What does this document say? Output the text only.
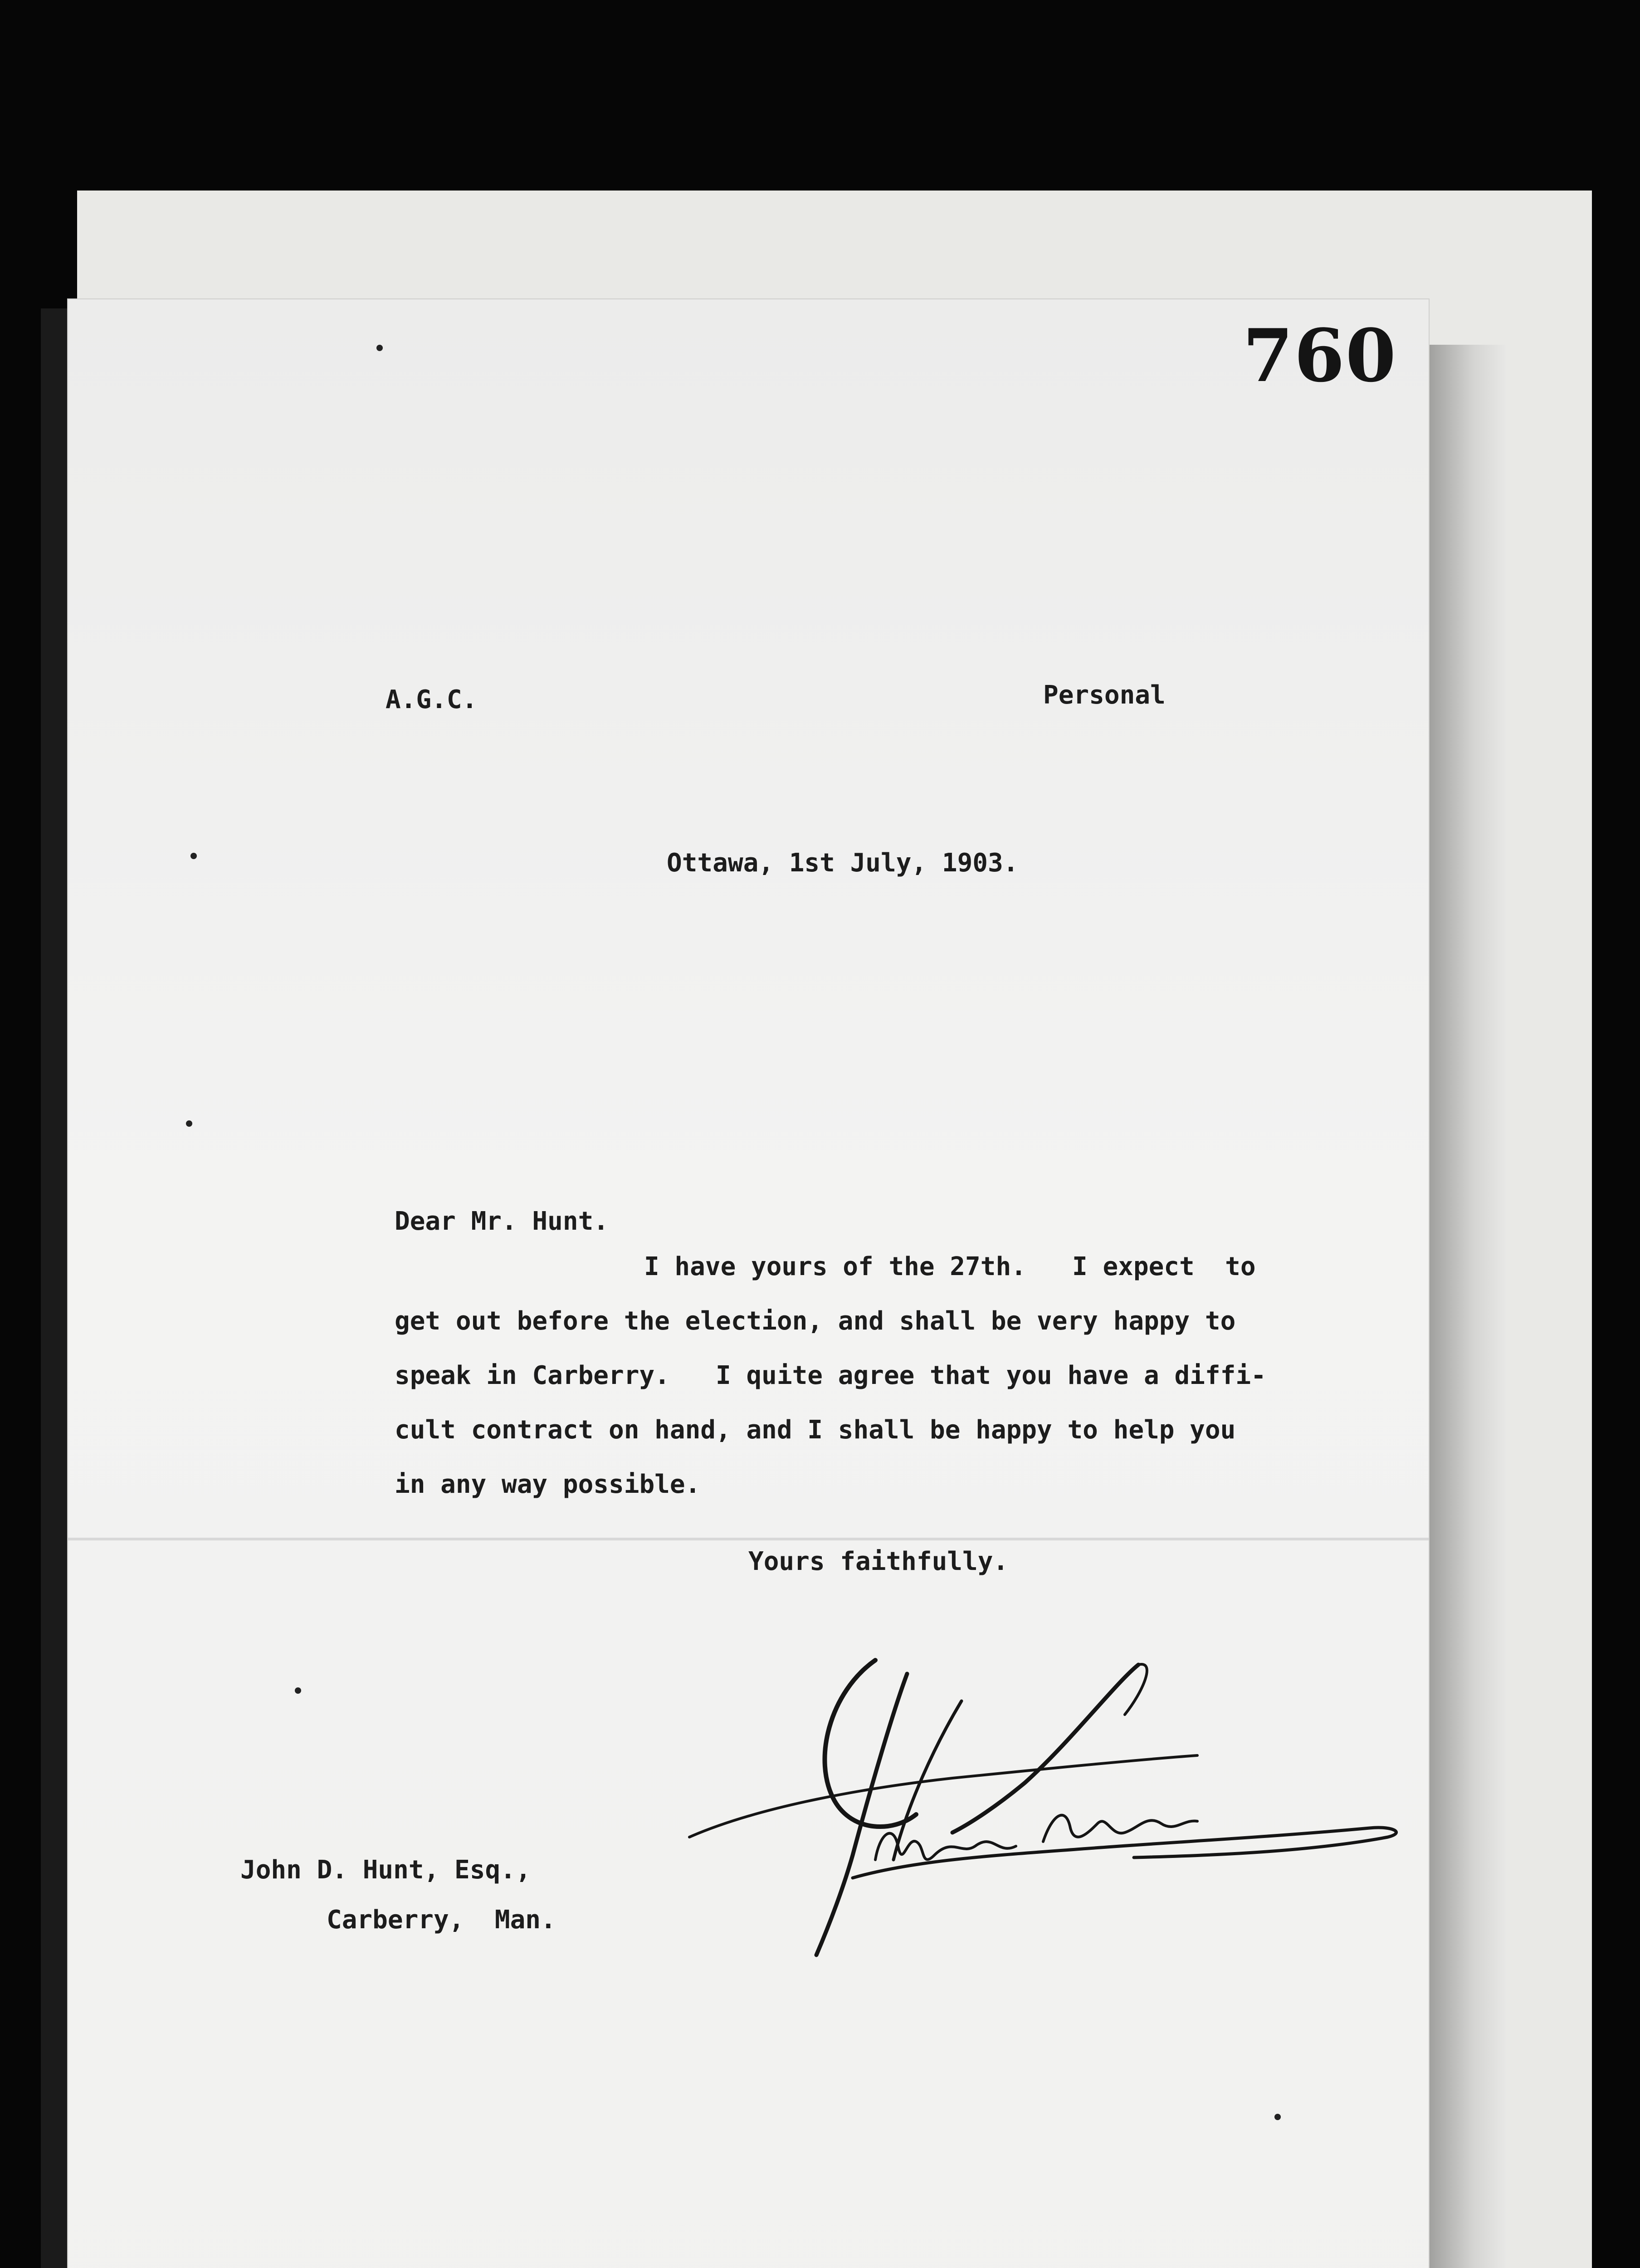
760
A.G.C.	Personal
Ottawa, 1st July, 1903.
Dear Mr. Hunt.
I have yours of the 27th.   I expect  to
get out before the election, and shall be very happy to
speak in Carberry.   I quite agree that you have a diffi-
cult contract on hand, and I shall be happy to help you
in any way possible.
Yours faithfully.
John D. Hunt, Esq.,
Carberry,  Man.
